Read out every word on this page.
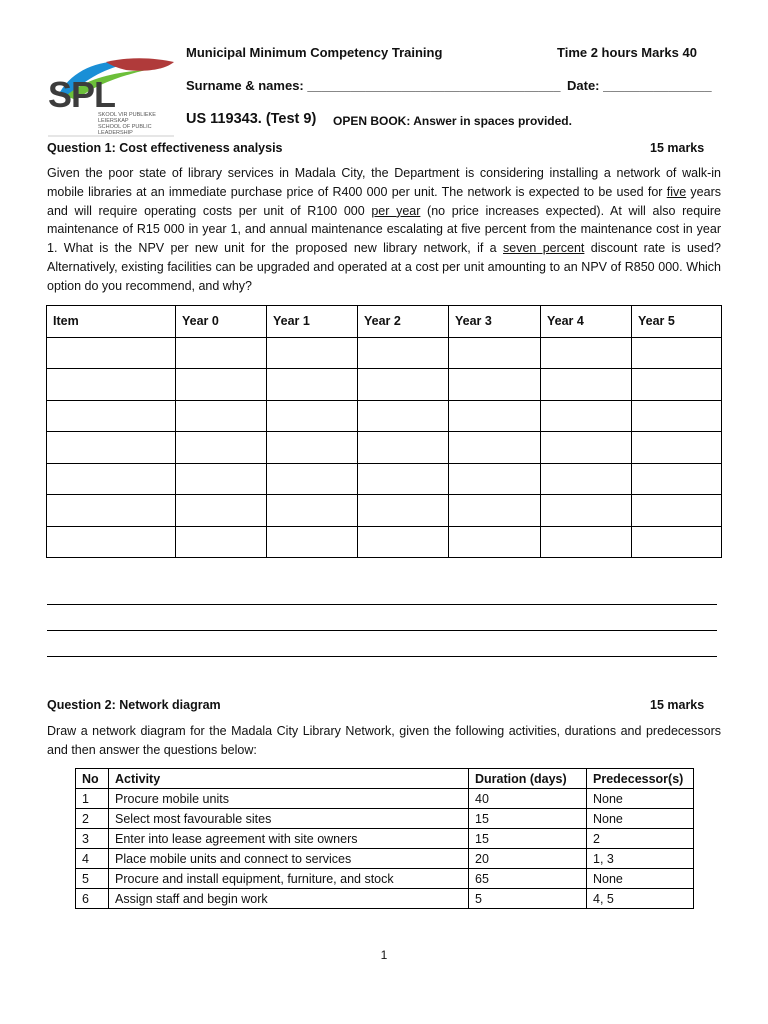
SPL
SKOOL VIR PUBLIEKE
LEIERSKAP
SCHOOL OF PUBLIC
LEADERSHIP
Municipal Minimum Competency Training	Time 2 hours Marks 40
Surname & names: ___________________________________ Date: _______________
US 119343. (Test 9) OPEN BOOK: Answer in spaces provided.
Question 1: Cost effectiveness analysis	15 marks
Given the poor state of library services in Madala City, the Department is considering installing a network of walk-in mobile libraries at an immediate purchase price of R400 000 per unit. The network is expected to be used for five years and will require operating costs per unit of R100 000 per year (no price increases expected). At will also require maintenance of R15 000 in year 1, and annual maintenance escalating at five percent from the maintenance cost in year 1. What is the NPV per new unit for the proposed new library network, if a seven percent discount rate is used? Alternatively, existing facilities can be upgraded and operated at a cost per unit amounting to an NPV of R850 000. Which option do you recommend, and why?
Item	Year 0	Year 1	Year 2	Year 3	Year 4	Year 5

Question 2: Network diagram	15 marks
Draw a network diagram for the Madala City Library Network, given the following activities, durations and predecessors and then answer the questions below:
No	Activity	Duration (days)	Predecessor(s)
1	Procure mobile units	40	None
2	Select most favourable sites	15	None
3	Enter into lease agreement with site owners	15	2
4	Place mobile units and connect to services	20	1, 3
5	Procure and install equipment, furniture, and stock	65	None
6	Assign staff and begin work	5	4, 5
1
